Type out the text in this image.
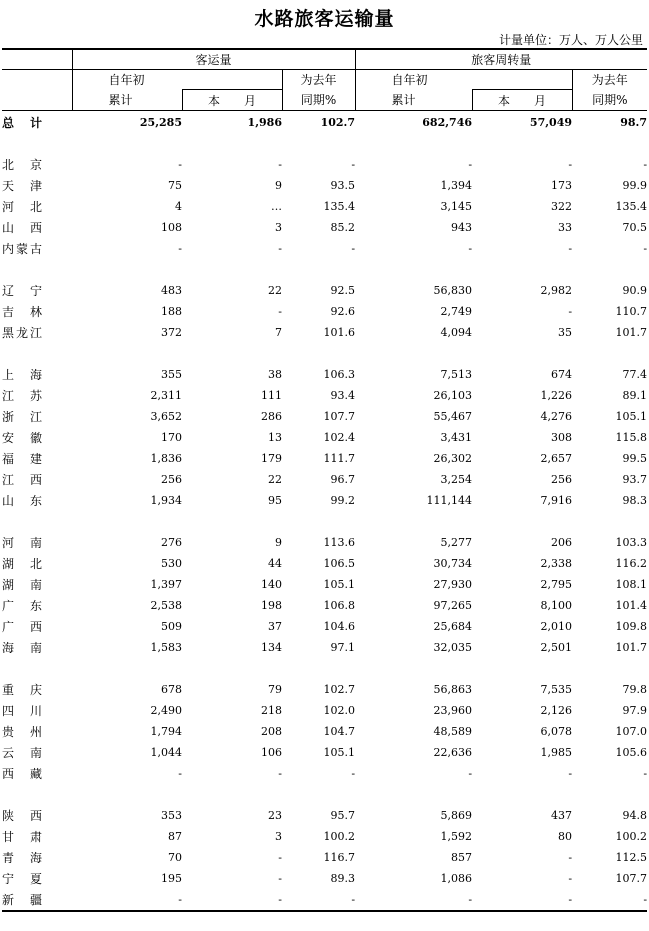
水路旅客运输量
计量单位：万人、万人公里
	客运量			旅客周转量		
	自年初		为去年	自年初		为去年
	累计	本　　月	同期%	累计	本　　月	同期%
总　计	25,285	1,986	102.7	682,746	57,049	98.7

北京	-	-	-	-	-	-
天津	75	9	93.5	1,394	173	99.9
河北	4	…	135.4	3,145	322	135.4
山西	108	3	85.2	943	33	70.5
内蒙古	-	-	-	-	-	-

辽宁	483	22	92.5	56,830	2,982	90.9
吉林	188	-	92.6	2,749	-	110.7
黑龙江	372	7	101.6	4,094	35	101.7

上海	355	38	106.3	7,513	674	77.4
江苏	2,311	111	93.4	26,103	1,226	89.1
浙江	3,652	286	107.7	55,467	4,276	105.1
安徽	170	13	102.4	3,431	308	115.8
福建	1,836	179	111.7	26,302	2,657	99.5
江西	256	22	96.7	3,254	256	93.7
山东	1,934	95	99.2	111,144	7,916	98.3

河南	276	9	113.6	5,277	206	103.3
湖北	530	44	106.5	30,734	2,338	116.2
湖南	1,397	140	105.1	27,930	2,795	108.1
广东	2,538	198	106.8	97,265	8,100	101.4
广西	509	37	104.6	25,684	2,010	109.8
海南	1,583	134	97.1	32,035	2,501	101.7

重庆	678	79	102.7	56,863	7,535	79.8
四川	2,490	218	102.0	23,960	2,126	97.9
贵州	1,794	208	104.7	48,589	6,078	107.0
云南	1,044	106	105.1	22,636	1,985	105.6
西藏	-	-	-	-	-	-

陕西	353	23	95.7	5,869	437	94.8
甘肃	87	3	100.2	1,592	80	100.2
青海	70	-	116.7	857	-	112.5
宁夏	195	-	89.3	1,086	-	107.7
新疆	-	-	-	-	-	-
